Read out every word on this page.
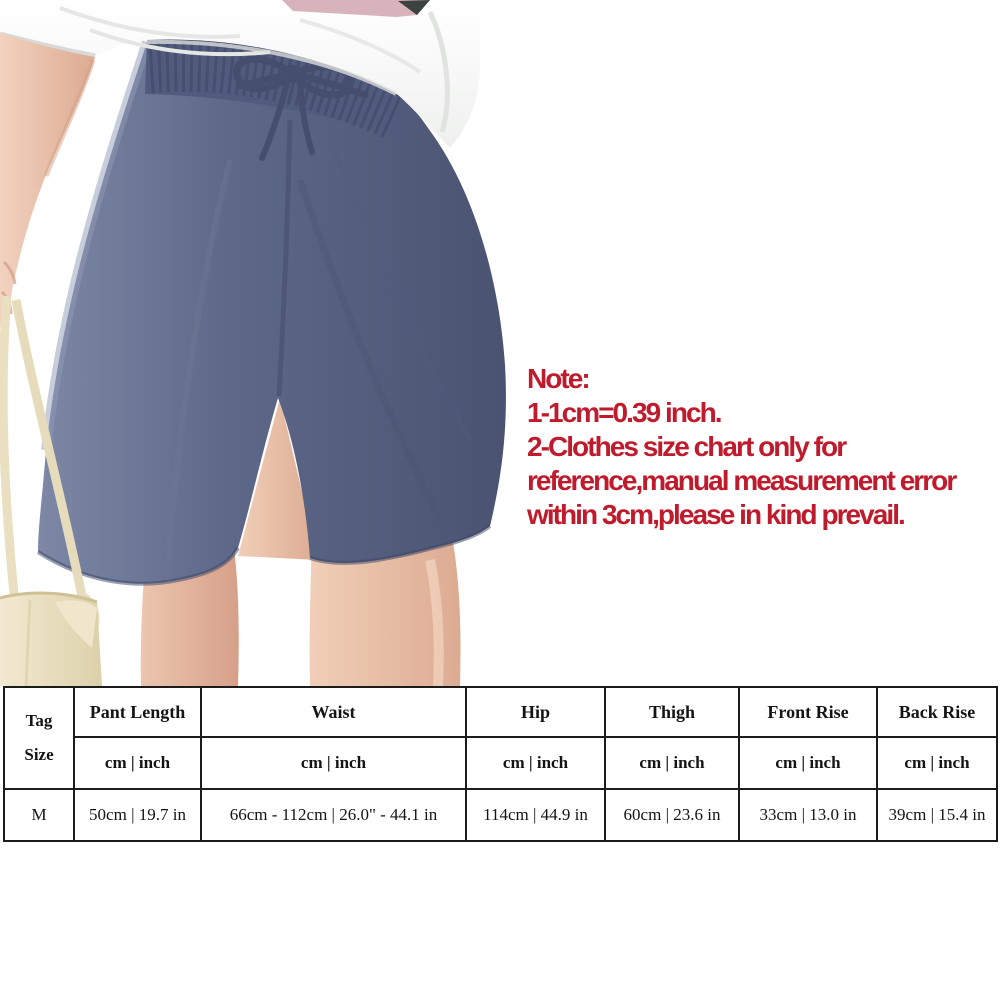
Note:
1-1cm=0.39 inch.
2-Clothes size chart only for
reference,manual measurement error
within 3cm,please in kind prevail.
Tag
Size	Pant Length	Waist	Hip	Thigh	Front Rise	Back Rise
	cm | inch	cm | inch	cm | inch	cm | inch	cm | inch	cm | inch
M	50cm | 19.7 in	66cm - 112cm | 26.0" - 44.1 in	114cm | 44.9 in	60cm | 23.6 in	33cm | 13.0 in	39cm | 15.4 in
